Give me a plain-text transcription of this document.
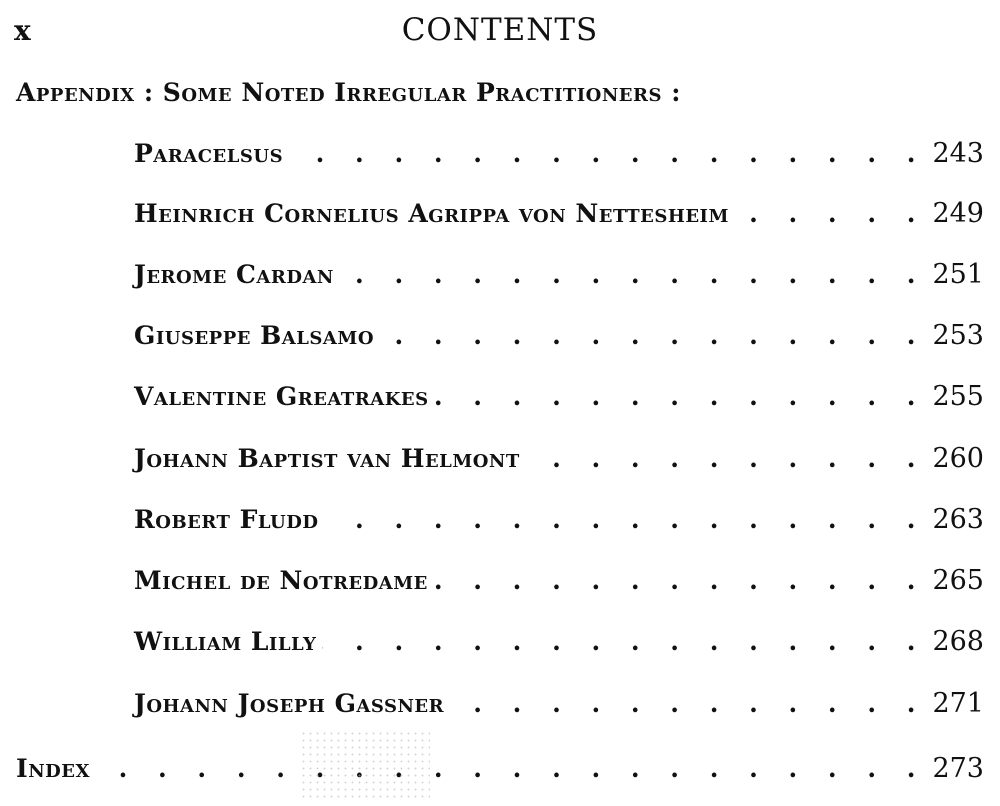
x	CONTENTS
Appendix : Some Noted Irregular Practitioners :
Paracelsus . . .	243
Heinrich Cornelius Agrippa von Nettesheim . . .	249
Jerome Cardan . . .	251
Giuseppe Balsamo . . .	253
Valentine Greatrakes . . .	255
Johann Baptist van Helmont . . .	260
Robert Fludd . . .	263
Michel de Notredame . . .	265
William Lilly . . .	268
Johann Joseph Gassner . . .	271
Index . . .	273
